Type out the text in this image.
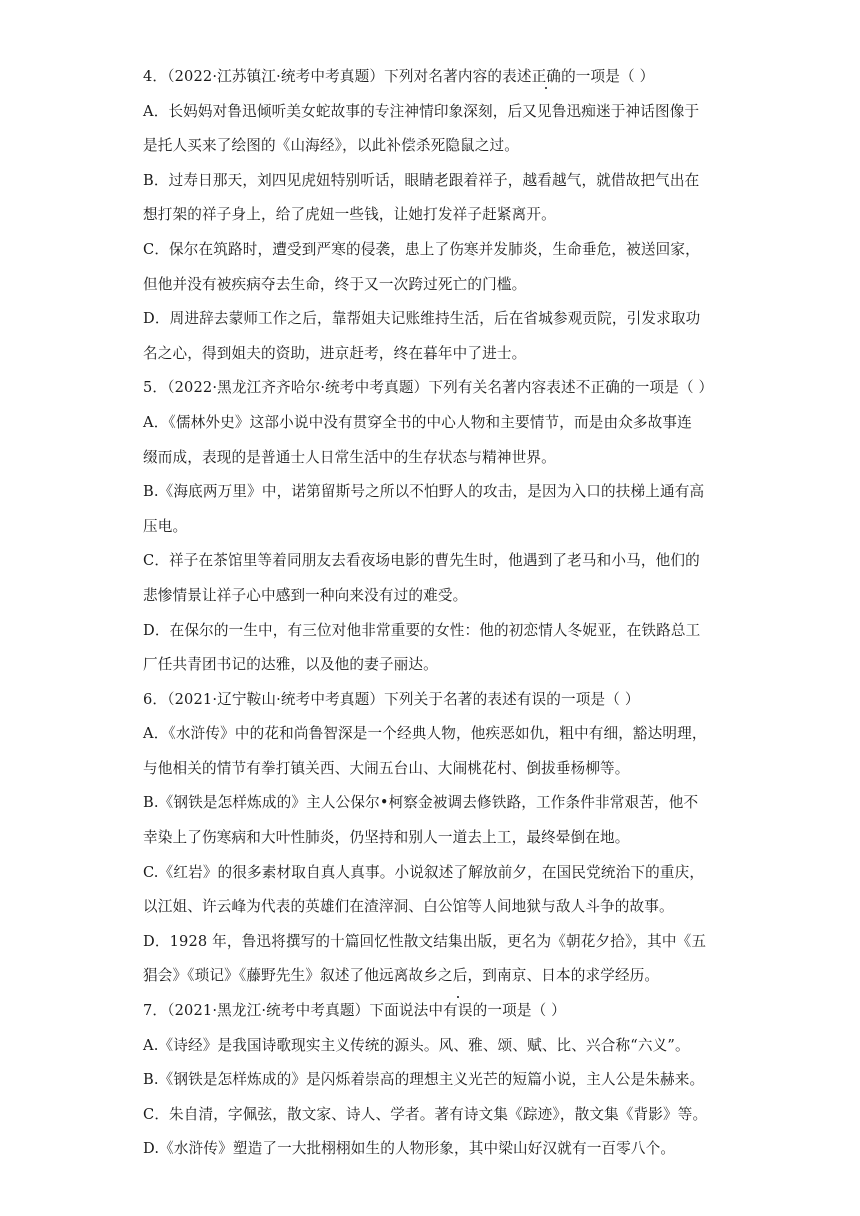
4．（2022·江苏镇江·统考中考真题）下列对名著内容的表述正确的一项是（ ）
A．长妈妈对鲁迅倾听美女蛇故事的专注神情印象深刻，后又见鲁迅痴迷于神话图像于
是托人买来了绘图的《山海经》，以此补偿杀死隐鼠之过。
B．过寿日那天，刘四见虎妞特别听话，眼睛老跟着祥子，越看越气，就借故把气出在
想打架的祥子身上，给了虎妞一些钱，让她打发祥子赶紧离开。
C．保尔在筑路时，遭受到严寒的侵袭，患上了伤寒并发肺炎，生命垂危，被送回家，
但他并没有被疾病夺去生命，终于又一次跨过死亡的门槛。
D．周进辞去蒙师工作之后，靠帮姐夫记账维持生活，后在省城参观贡院，引发求取功
名之心，得到姐夫的资助，进京赶考，终在暮年中了进士。
5．（2022·黑龙江齐齐哈尔·统考中考真题）下列有关名著内容表述不正确的一项是（ ）
A．《儒林外史》这部小说中没有贯穿全书的中心人物和主要情节，而是由众多故事连
缀而成，表现的是普通士人日常生活中的生存状态与精神世界。
B.《海底两万里》中，诺第留斯号之所以不怕野人的攻击，是因为入口的扶梯上通有高
压电。
C．祥子在茶馆里等着同朋友去看夜场电影的曹先生时，他遇到了老马和小马，他们的
悲惨情景让祥子心中感到一种向来没有过的难受。
D．在保尔的一生中，有三位对他非常重要的女性：他的初恋情人冬妮亚，在铁路总工
厂任共青团书记的达雅，以及他的妻子丽达。
6．（2021·辽宁鞍山·统考中考真题）下列关于名著的表述有误的一项是（ ）
A．《水浒传》中的花和尚鲁智深是一个经典人物，他疾恶如仇，粗中有细，豁达明理，
与他相关的情节有拳打镇关西、大闹五台山、大闹桃花村、倒拔垂杨柳等。
B.《钢铁是怎样炼成的》主人公保尔•柯察金被调去修铁路，工作条件非常艰苦，他不
幸染上了伤寒病和大叶性肺炎，仍坚持和别人一道去上工，最终晕倒在地。
C.《红岩》的很多素材取自真人真事。小说叙述了解放前夕，在国民党统治下的重庆，
以江姐、许云峰为代表的英雄们在渣滓洞、白公馆等人间地狱与敌人斗争的故事。
D．1928 年，鲁迅将撰写的十篇回忆性散文结集出版，更名为《朝花夕拾》，其中《五
猖会》《琐记》《藤野先生》叙述了他远离故乡之后，到南京、日本的求学经历。
7．（2021·黑龙江·统考中考真题）下面说法中有误的一项是（ ）
A.《诗经》是我国诗歌现实主义传统的源头。风、雅、颂、赋、比、兴合称“六义”。
B.《钢铁是怎样炼成的》是闪烁着崇高的理想主义光芒的短篇小说，主人公是朱赫来。
C．朱自清，字佩弦，散文家、诗人、学者。著有诗文集《踪迹》，散文集《背影》等。
D.《水浒传》塑造了一大批栩栩如生的人物形象，其中梁山好汉就有一百零八个。
